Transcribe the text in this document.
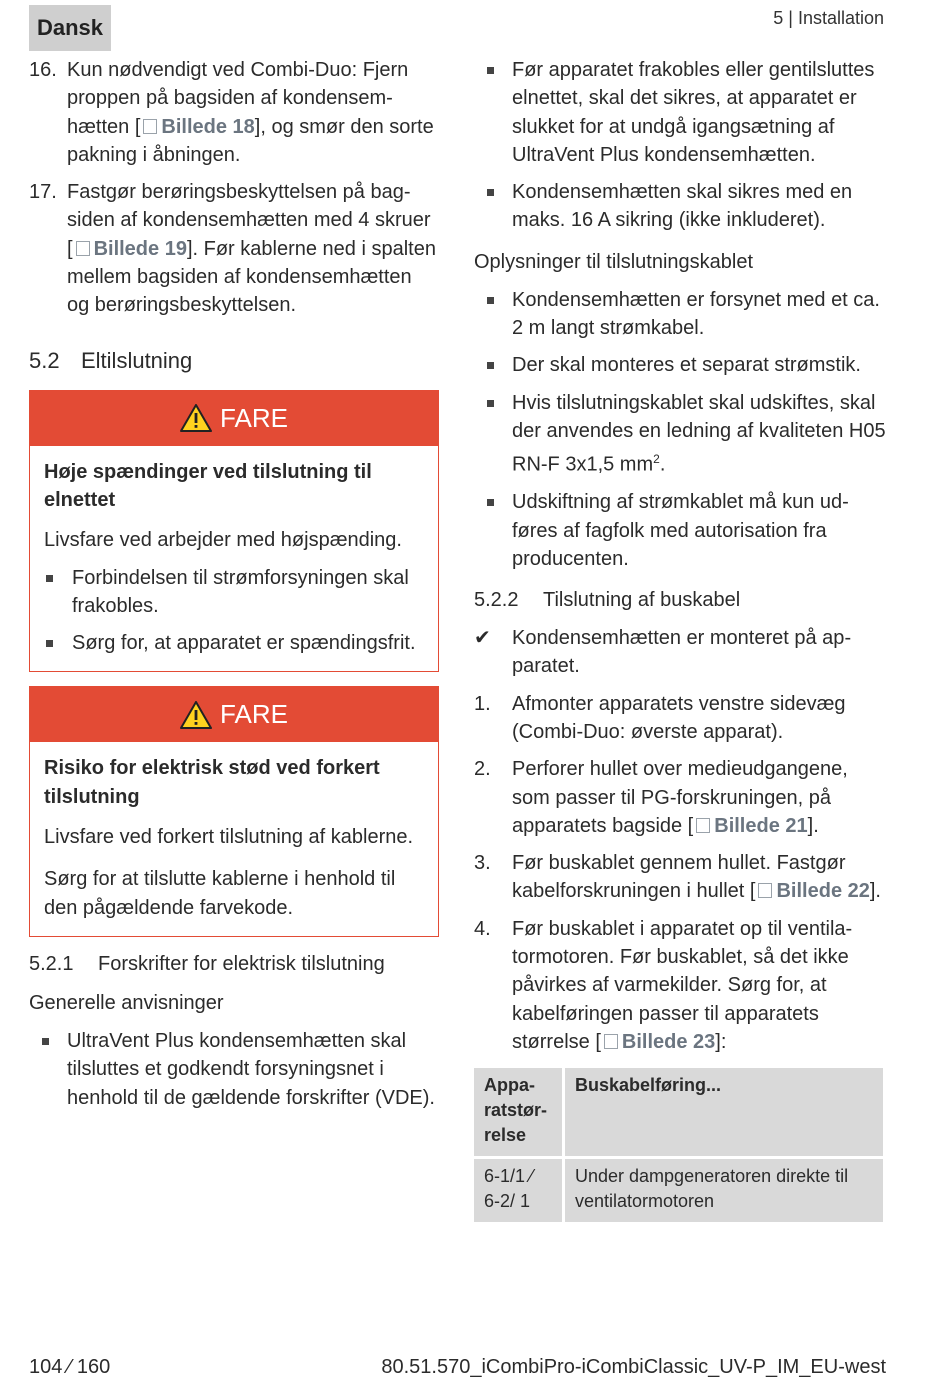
Dansk	5 | Installation
16. Kun nødvendigt ved Combi-Duo: Fjern proppen på bagsiden af kondensemhætten [ Billede 18], og smør den sorte pakning i åbningen.
17. Fastgør berøringsbeskyttelsen på bagsiden af kondensemhætten med 4 skruer [ Billede 19]. Før kablerne ned i spalten mellem bagsiden af kondensemhætten og berøringsbeskyttelsen.
5.2 Eltilslutning
FARE

Høje spændinger ved tilslutning til elnettet

Livsfare ved arbejder med højspænding.

Forbindelsen til strømforsyningen skal frakobles.
Sørg for, at apparatet er spændingsfrit.
FARE

Risiko for elektrisk stød ved forkert tilslutning

Livsfare ved forkert tilslutning af kablerne.

Sørg for at tilslutte kablerne i henhold til den pågældende farvekode.

5.2.1 Forskrifter for elektrisk tilslutning
Generelle anvisninger
UltraVent Plus kondensemhætten skal tilsluttes et godkendt forsyningsnet i henhold til de gældende forskrifter (VDE).
Før apparatet frakobles eller gentilsluttes elnettet, skal det sikres, at apparatet er slukket for at undgå igangsætning af UltraVent Plus kondensemhætten.
Kondensemhætten skal sikres med en maks. 16 A sikring (ikke inkluderet).
Oplysninger til tilslutningskablet
Kondensemhætten er forsynet med et ca. 2 m langt strømkabel.
Der skal monteres et separat strømstik.
Hvis tilslutningskablet skal udskiftes, skal der anvendes en ledning af kvaliteten H05 RN-F 3x1,5 $mm^2$.
Udskiftning af strømkablet må kun udføres af fagfolk med autorisation fra producenten.
5.2.2 Tilslutning af buskabel
✔	Kondensemhætten er monteret på apparatet.
1.	Afmonter apparatets venstre sidevæg (Combi-Duo: øverste apparat).
2.	Perforer hullet over medieudgangene, som passer til PG-forskruningen, på apparatets bagside [ Billede 21].
3.	Før buskablet gennem hullet. Fastgør kabelforskruningen i hullet [ Billede 22].
4.	Før buskablet i apparatet op til ventilatormotoren. Før buskablet, så det ikke påvirkes af varmekilder. Sørg for, at kabelføringen passer til apparatets størrelse [ Billede 23]:
Apparatstørrelse	Buskabelføring...
6-1/1 ⁄ 6-2/ 1	Under dampgeneratoren direkte til ventilatormotoren
104 ⁄ 160	80.51.570_iCombiPro-iCombiClassic_UV-P_IM_EU-west
